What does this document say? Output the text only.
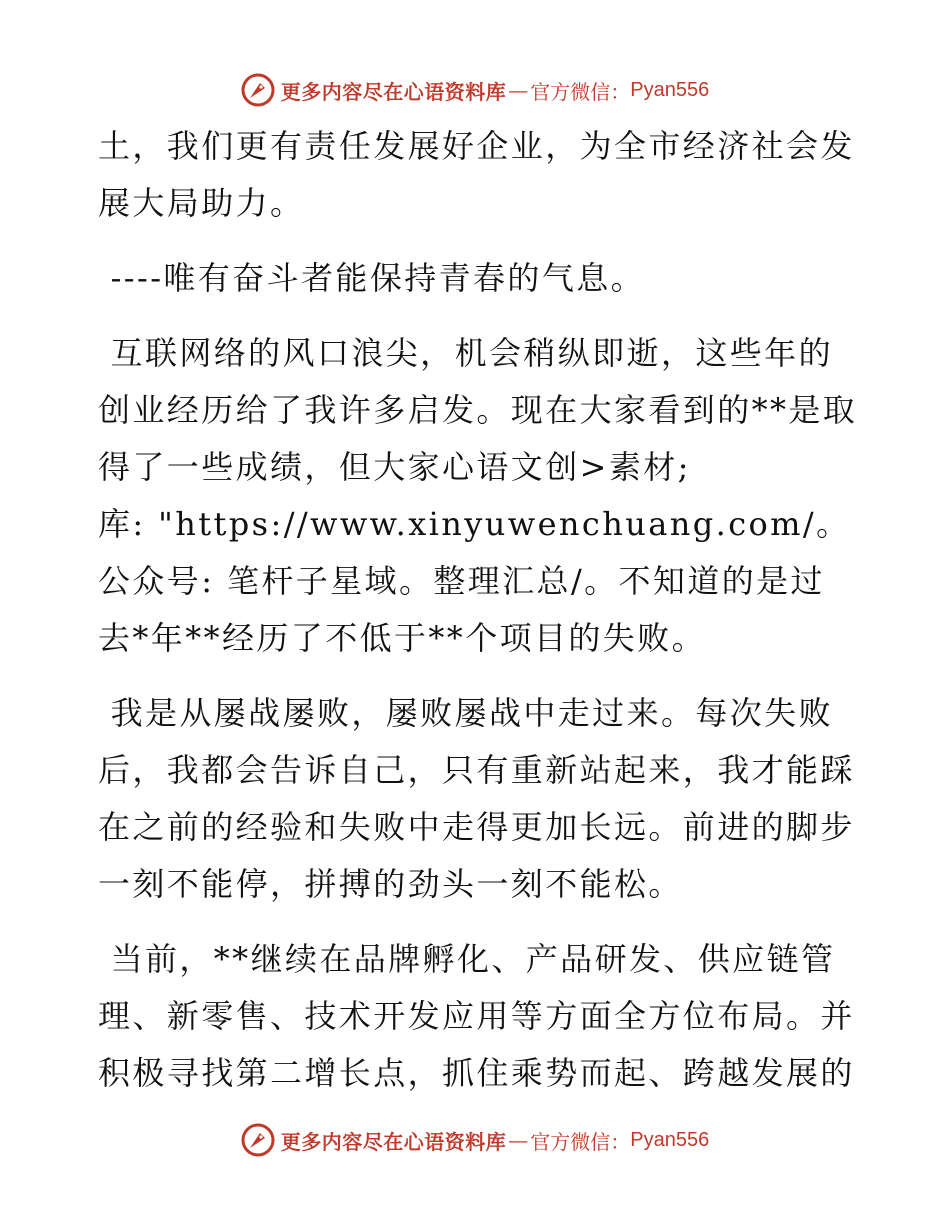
更多内容尽在心语资料库 — 官方微信： Pyan556

土，我们更有责任发展好企业，为全市经济社会发展大局助力。

----唯有奋斗者能保持青春的气息。

互联网络的风口浪尖，机会稍纵即逝，这些年的创业经历给了我许多启发。现在大家看到的**是取得了一些成绩，但大家心语文创>素材;
库: "https://www.xinyuwenchuang.com/。公众号: 笔杆子星域。整理汇总/。不知道的是过去*年**经历了不低于**个项目的失败。

我是从屡战屡败，屡败屡战中走过来。每次失败后，我都会告诉自己，只有重新站起来，我才能踩在之前的经验和失败中走得更加长远。前进的脚步一刻不能停，拼搏的劲头一刻不能松。

当前，**继续在品牌孵化、产品研发、供应链管理、新零售、技术开发应用等方面全方位布局。并积极寻找第二增长点，抓住乘势而起、跨越发展的

更多内容尽在心语资料库 — 官方微信： Pyan556
